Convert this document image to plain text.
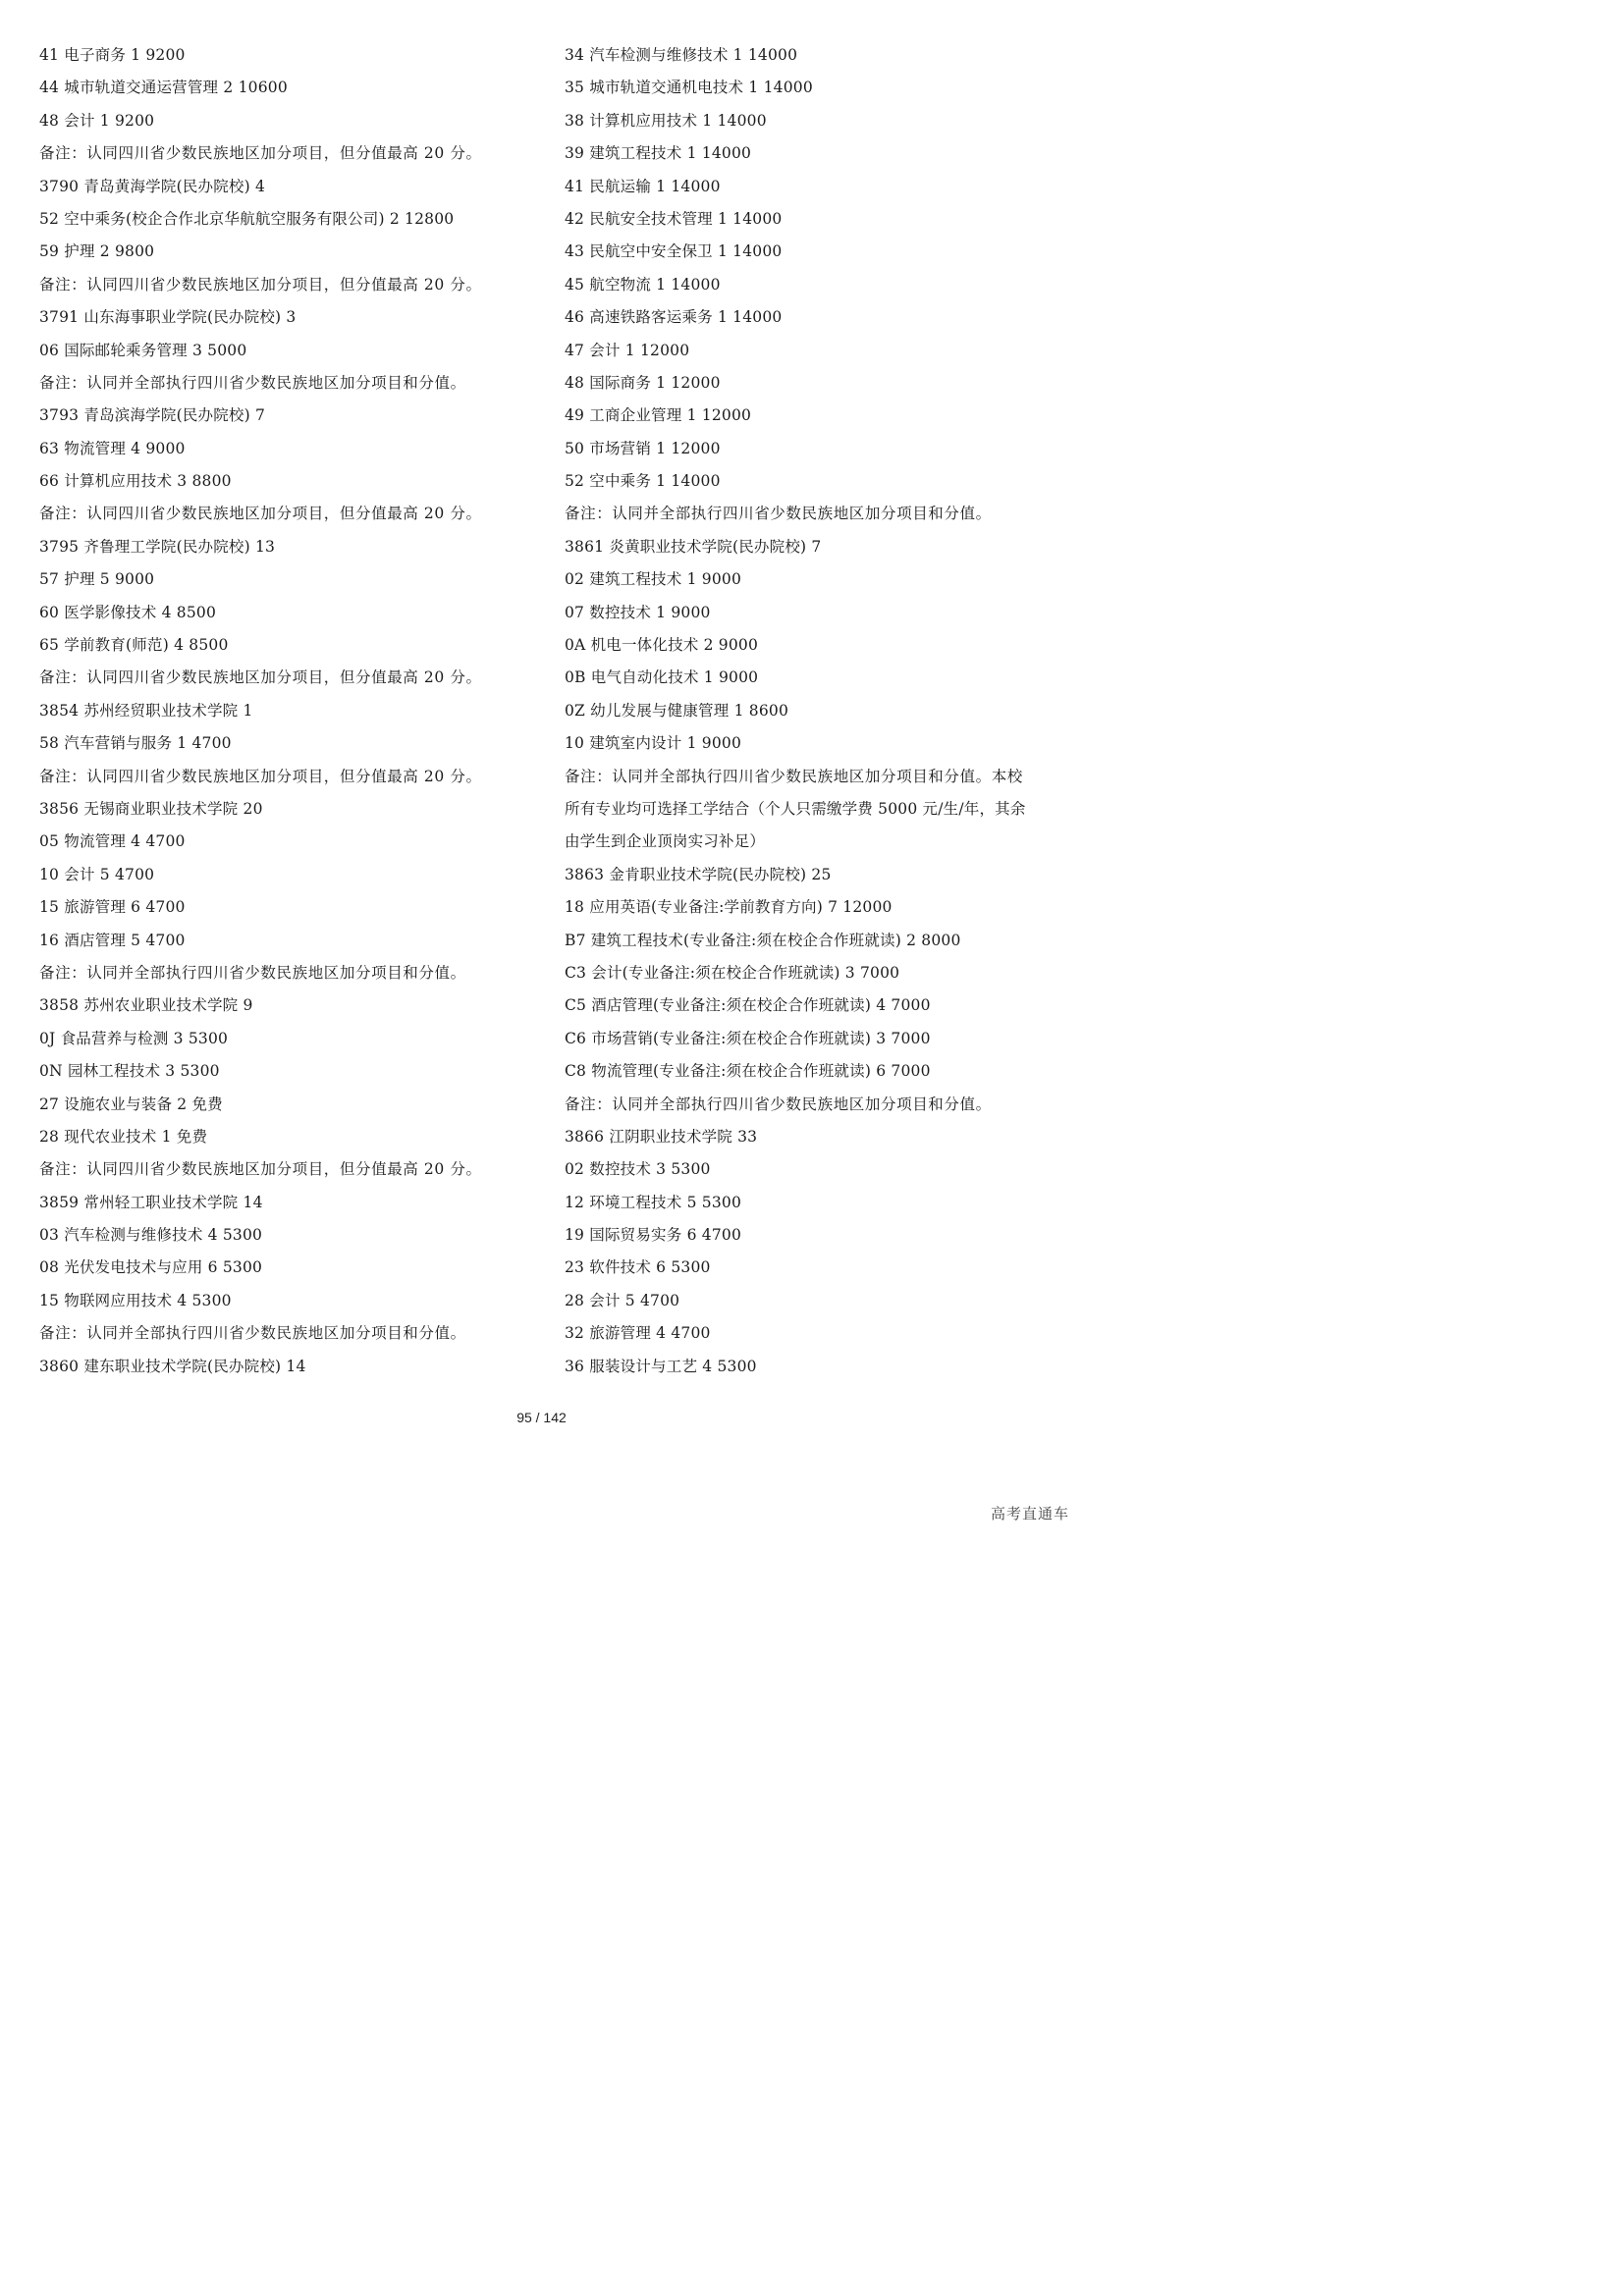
41 电子商务 1 9200
44 城市轨道交通运营管理 2 10600
48 会计 1 9200
备注：认同四川省少数民族地区加分项目，但分值最高 20 分。
3790 青岛黄海学院(民办院校) 4
52 空中乘务(校企合作北京华航航空服务有限公司) 2 12800
59 护理 2 9800
备注：认同四川省少数民族地区加分项目，但分值最高 20 分。
3791 山东海事职业学院(民办院校) 3
06 国际邮轮乘务管理 3 5000
备注：认同并全部执行四川省少数民族地区加分项目和分值。
3793 青岛滨海学院(民办院校) 7
63 物流管理 4 9000
66 计算机应用技术 3 8800
备注：认同四川省少数民族地区加分项目，但分值最高 20 分。
3795 齐鲁理工学院(民办院校) 13
57 护理 5 9000
60 医学影像技术 4 8500
65 学前教育(师范) 4 8500
备注：认同四川省少数民族地区加分项目，但分值最高 20 分。
3854 苏州经贸职业技术学院 1
58 汽车营销与服务 1 4700
备注：认同四川省少数民族地区加分项目，但分值最高 20 分。
3856 无锡商业职业技术学院 20
05 物流管理 4 4700
10 会计 5 4700
15 旅游管理 6 4700
16 酒店管理 5 4700
备注：认同并全部执行四川省少数民族地区加分项目和分值。
3858 苏州农业职业技术学院 9
0J 食品营养与检测 3 5300
0N 园林工程技术 3 5300
27 设施农业与装备 2 免费
28 现代农业技术 1 免费
备注：认同四川省少数民族地区加分项目，但分值最高 20 分。
3859 常州轻工职业技术学院 14
03 汽车检测与维修技术 4 5300
08 光伏发电技术与应用 6 5300
15 物联网应用技术 4 5300
备注：认同并全部执行四川省少数民族地区加分项目和分值。
3860 建东职业技术学院(民办院校) 14
34 汽车检测与维修技术 1 14000
35 城市轨道交通机电技术 1 14000
38 计算机应用技术 1 14000
39 建筑工程技术 1 14000
41 民航运输 1 14000
42 民航安全技术管理 1 14000
43 民航空中安全保卫 1 14000
45 航空物流 1 14000
46 高速铁路客运乘务 1 14000
47 会计 1 12000
48 国际商务 1 12000
49 工商企业管理 1 12000
50 市场营销 1 12000
52 空中乘务 1 14000
备注：认同并全部执行四川省少数民族地区加分项目和分值。
3861 炎黄职业技术学院(民办院校) 7
02 建筑工程技术 1 9000
07 数控技术 1 9000
0A 机电一体化技术 2 9000
0B 电气自动化技术 1 9000
0Z 幼儿发展与健康管理 1 8600
10 建筑室内设计 1 9000
备注：认同并全部执行四川省少数民族地区加分项目和分值。本校
所有专业均可选择工学结合（个人只需缴学费 5000 元/生/年，其余
由学生到企业顶岗实习补足）
3863 金肯职业技术学院(民办院校) 25
18 应用英语(专业备注:学前教育方向) 7 12000
B7 建筑工程技术(专业备注:须在校企合作班就读) 2 8000
C3 会计(专业备注:须在校企合作班就读) 3 7000
C5 酒店管理(专业备注:须在校企合作班就读) 4 7000
C6 市场营销(专业备注:须在校企合作班就读) 3 7000
C8 物流管理(专业备注:须在校企合作班就读) 6 7000
备注：认同并全部执行四川省少数民族地区加分项目和分值。
3866 江阴职业技术学院 33
02 数控技术 3 5300
12 环境工程技术 5 5300
19 国际贸易实务 6 4700
23 软件技术 6 5300
28 会计 5 4700
32 旅游管理 4 4700
36 服装设计与工艺 4 5300
95 / 142
高考直通车
